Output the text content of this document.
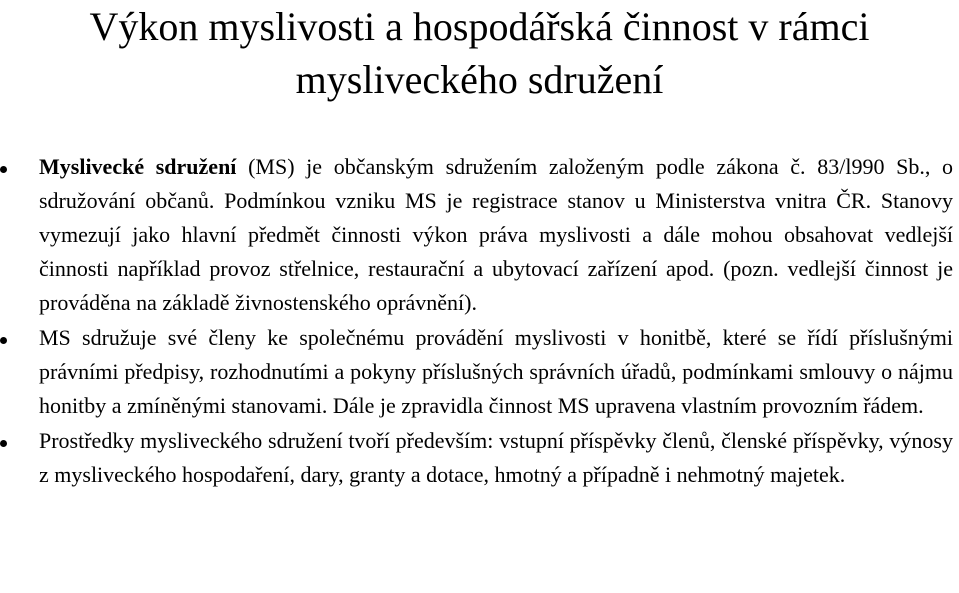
Výkon myslivosti a hospodářská činnost v rámci mysliveckého sdružení
Myslivecké sdružení (MS) je občanským sdružením založeným podle zákona č. 83/l990 Sb., o sdružování občanů. Podmínkou vzniku MS je registrace stanov u Ministerstva vnitra ČR. Stanovy vymezují jako hlavní předmět činnosti výkon práva myslivosti a dále mohou obsahovat vedlejší činnosti například provoz střelnice, restaurační a ubytovací zařízení apod. (pozn. vedlejší činnost je prováděna na základě živnostenského oprávnění).
MS sdružuje své členy ke společnému provádění myslivosti v honitbě, které se řídí příslušnými právními předpisy, rozhodnutími a pokyny příslušných správních úřadů, podmínkami smlouvy o nájmu honitby a zmíněnými stanovami. Dále je zpravidla činnost MS upravena vlastním provozním řádem.
Prostředky mysliveckého sdružení tvoří především: vstupní příspěvky členů, členské příspěvky, výnosy z mysliveckého hospodaření, dary, granty a dotace, hmotný a případně i nehmotný majetek.
